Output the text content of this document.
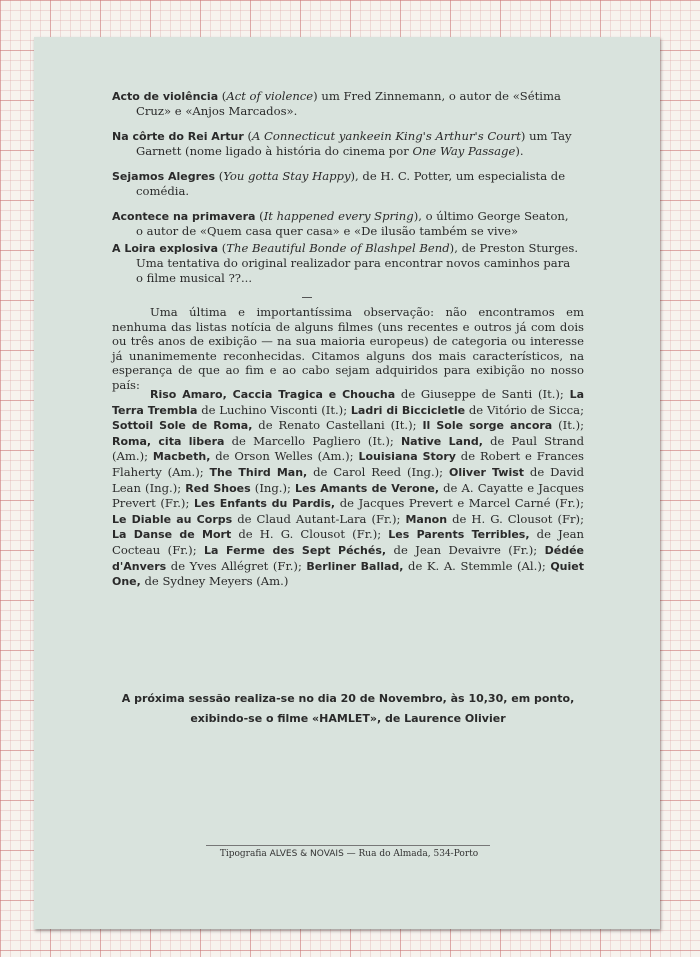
Acto de violência (Act of violence) um Fred Zinnemann, o autor de «Sétima
Cruz» e «Anjos Marcados».

Na côrte do Rei Artur (A Connecticut yankeein King's Arthur's Court) um Tay
Garnett (nome ligado à história do cinema por One Way Passage).

Sejamos Alegres (You gotta Stay Happy), de H. C. Potter, um especialista de
comédia.

Acontece na primavera (It happened every Spring), o último George Seaton,
o autor de «Quem casa quer casa» e «De ilusão também se vive»

A Loira explosiva (The Beautiful Bonde of Blashpel Bend), de Preston Sturges.
Uma tentativa do original realizador para encontrar novos caminhos para
o filme musical ??...

Uma última e importantíssima observação: não encontramos em nenhuma das listas notícia de alguns filmes (uns recentes e outros já com dois ou três anos de exibição — na sua maioria europeus) de categoria ou interesse já unanimemente reconhecidas. Citamos alguns dos mais característicos, na esperança de que ao fim e ao cabo sejam adquiridos para exibição no nosso país:

Riso Amaro, Caccia Tragica e Choucha de Giuseppe de Santi (It.); La Terra Trembla de Luchino Visconti (It.); Ladri di Biccicletle de Vitório de Sicca; Sottoil Sole de Roma, de Renato Castellani (It.); Il Sole sorge ancora (It.); Roma, cita libera de Marcello Pagliero (It.); Native Land, de Paul Strand (Am.); Macbeth, de Orson Welles (Am.); Louisiana Story de Robert e Frances Flaherty (Am.); The Third Man, de Carol Reed (Ing.); Oliver Twist de David Lean (Ing.); Red Shoes (Ing.); Les Amants de Verone, de A. Cayatte e Jacques Prevert (Fr.); Les Enfants du Pardis, de Jacques Prevert e Marcel Carné (Fr.); Le Diable au Corps de Claud Autant-Lara (Fr.); Manon de H. G. Clousot (Fr); La Danse de Mort de H. G. Clousot (Fr.); Les Parents Terribles, de Jean Cocteau (Fr.); La Ferme des Sept Péchés, de Jean Devaivre (Fr.); Dédée d'Anvers de Yves Allégret (Fr.); Berliner Ballad, de K. A. Stemmle (Al.); Quiet One, de Sydney Meyers (Am.)

A próxima sessão realiza-se no dia 20 de Novembro, às 10,30, em ponto,
exibindo-se o filme «HAMLET», de Laurence Olivier
Tipografia ALVES & NOVAIS — Rua do Almada, 534-Porto
